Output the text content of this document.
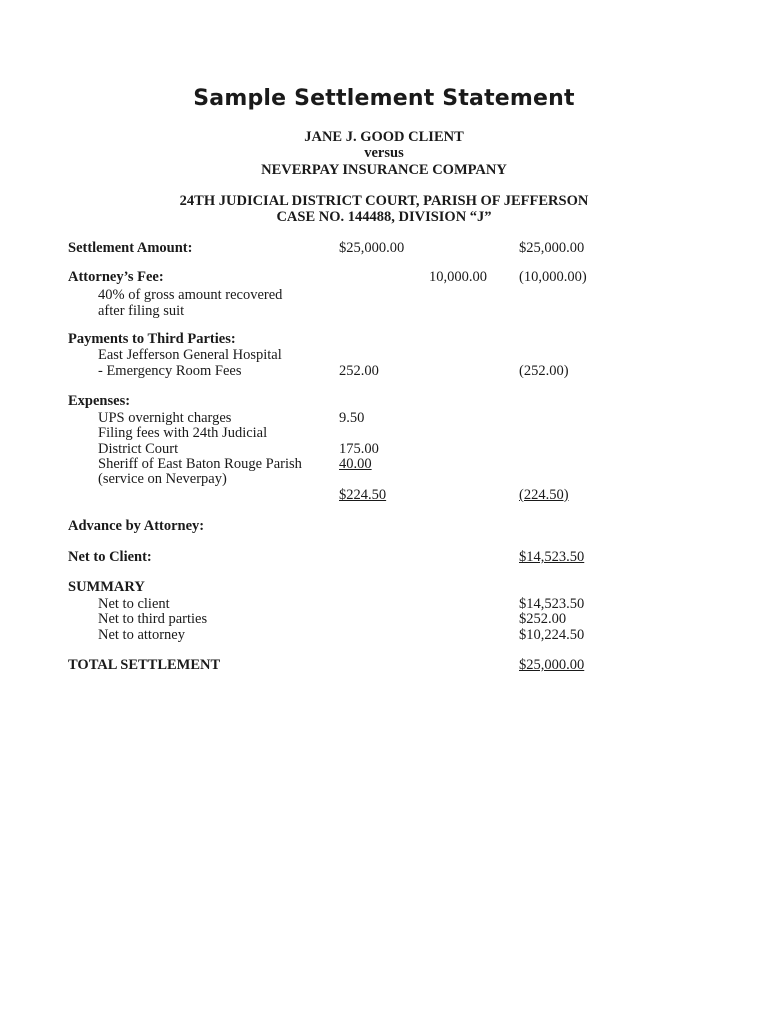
Sample Settlement Statement
JANE J. GOOD CLIENT
versus
NEVERPAY INSURANCE COMPANY
24TH JUDICIAL DISTRICT COURT, PARISH OF JEFFERSON
CASE NO. 144488, DIVISION “J”
Settlement Amount:	$25,000.00	$25,000.00
Attorney’s Fee:	10,000.00 (10,000.00)
40% of gross amount recovered
after filing suit
Payments to Third Parties:
East Jefferson General Hospital
- Emergency Room Fees	252.00	(252.00)
Expenses:
UPS overnight charges	9.50
Filing fees with 24th Judicial
District Court	175.00
Sheriff of East Baton Rouge Parish	40.00
(service on Neverpay)
$224.50	(224.50)
Advance by Attorney:
Net to Client:	$14,523.50
SUMMARY
Net to client	$14,523.50
Net to third parties	$252.00
Net to attorney	$10,224.50
TOTAL SETTLEMENT	$25,000.00
